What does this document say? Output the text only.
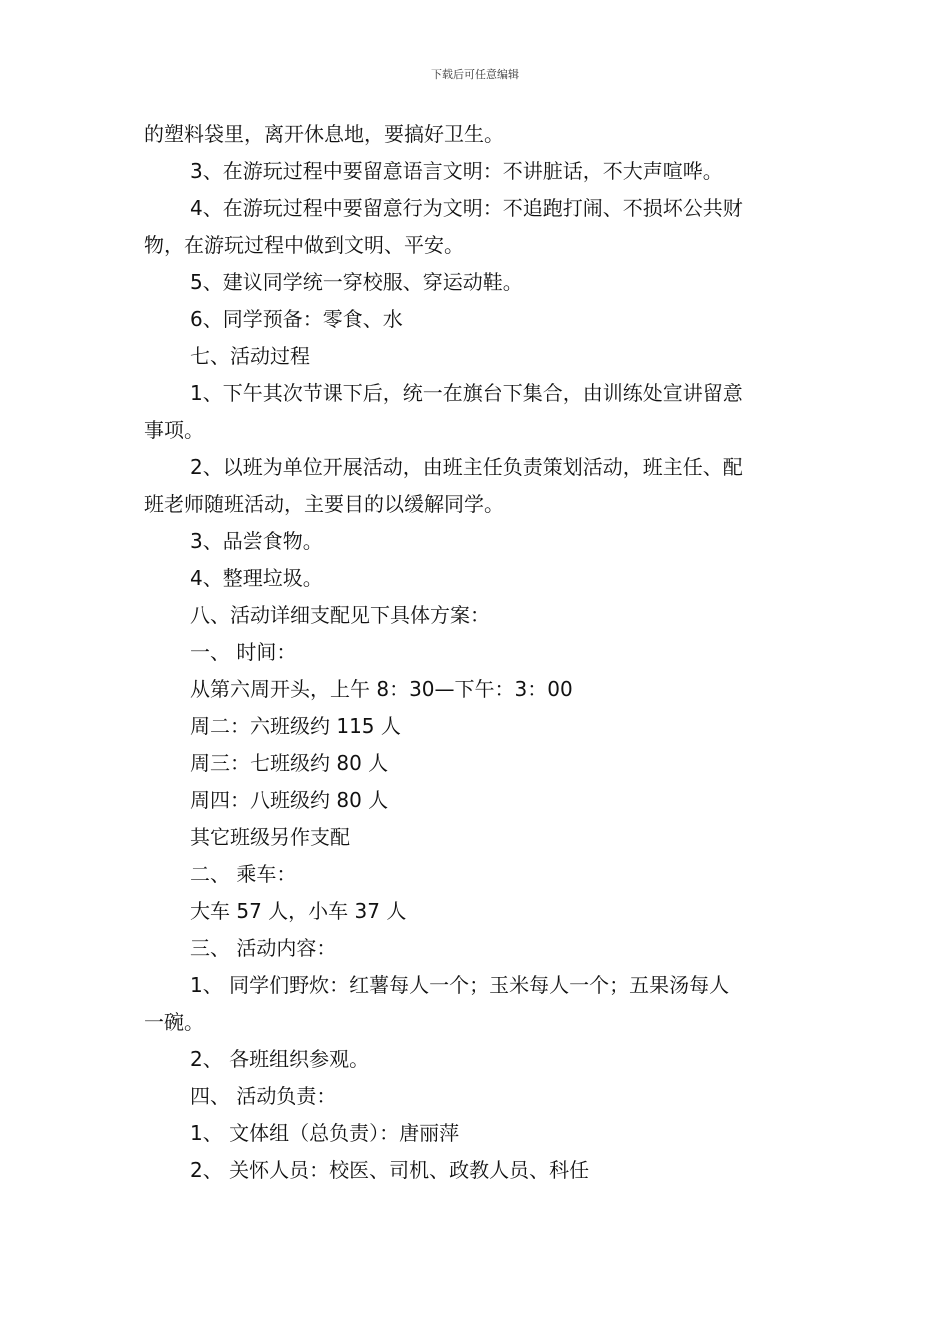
下载后可任意编辑

的塑料袋里，离开休息地，要搞好卫生。

3、在游玩过程中要留意语言文明：不讲脏话，不大声喧哗。

4、在游玩过程中要留意行为文明：不追跑打闹、不损坏公共财

物，在游玩过程中做到文明、平安。

5、建议同学统一穿校服、穿运动鞋。

6、同学预备：零食、水

七、活动过程

1、下午其次节课下后，统一在旗台下集合，由训练处宣讲留意

事项。

2、以班为单位开展活动，由班主任负责策划活动，班主任、配

班老师随班活动，主要目的以缓解同学。

3、品尝食物。

4、整理垃圾。

八、活动详细支配见下具体方案：

一、 时间：

从第六周开头，上午 8：30—下午：3：00

周二：六班级约 115 人

周三：七班级约 80 人

周四：八班级约 80 人

其它班级另作支配

二、 乘车：

大车 57 人，小车 37 人

三、 活动内容：

1、 同学们野炊：红薯每人一个；玉米每人一个；五果汤每人

一碗。

2、 各班组织参观。

四、 活动负责：

1、 文体组（总负责）：唐丽萍

2、 关怀人员：校医、司机、政教人员、科任
